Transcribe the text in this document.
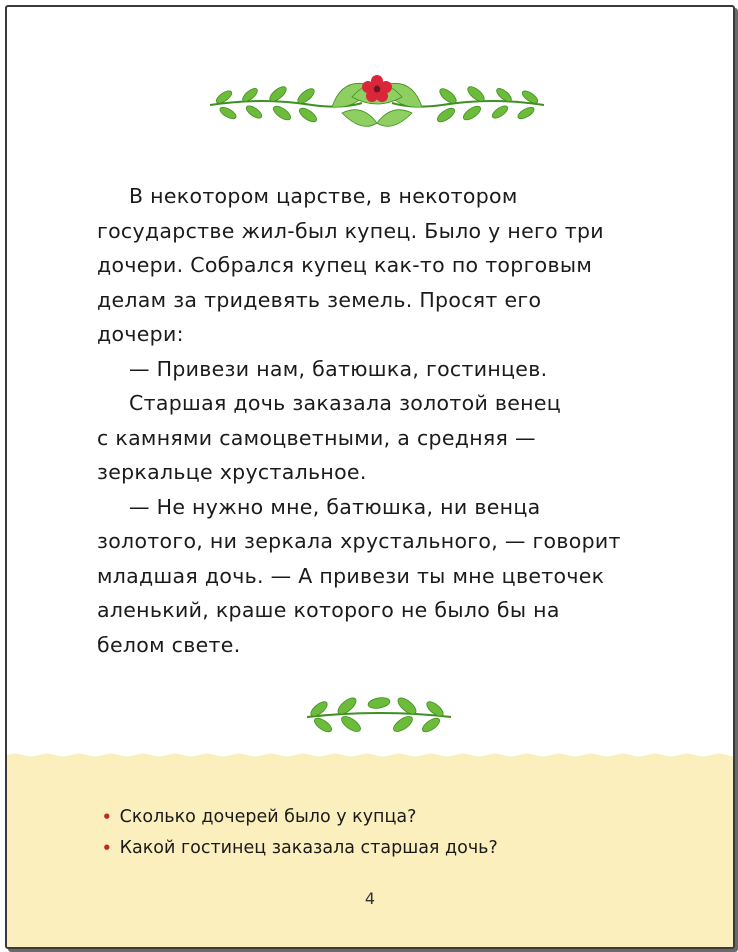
В некотором царстве, в некотором

государстве жил-был купец. Было у него три

дочери. Собрался купец как-то по торговым

делам за тридевять земель. Просят его

дочери:

— Привези нам, батюшка, гостинцев.

Старшая дочь заказала золотой венец

с камнями самоцветными, а средняя —

зеркальце хрустальное.

— Не нужно мне, батюшка, ни венца

золотого, ни зеркала хрустального, — говорит

младшая дочь. — А привези ты мне цветочек

аленький, краше которого не было бы на

белом свете.

• Сколько дочерей было у купца?
• Какой гостинец заказала старшая дочь?
4
